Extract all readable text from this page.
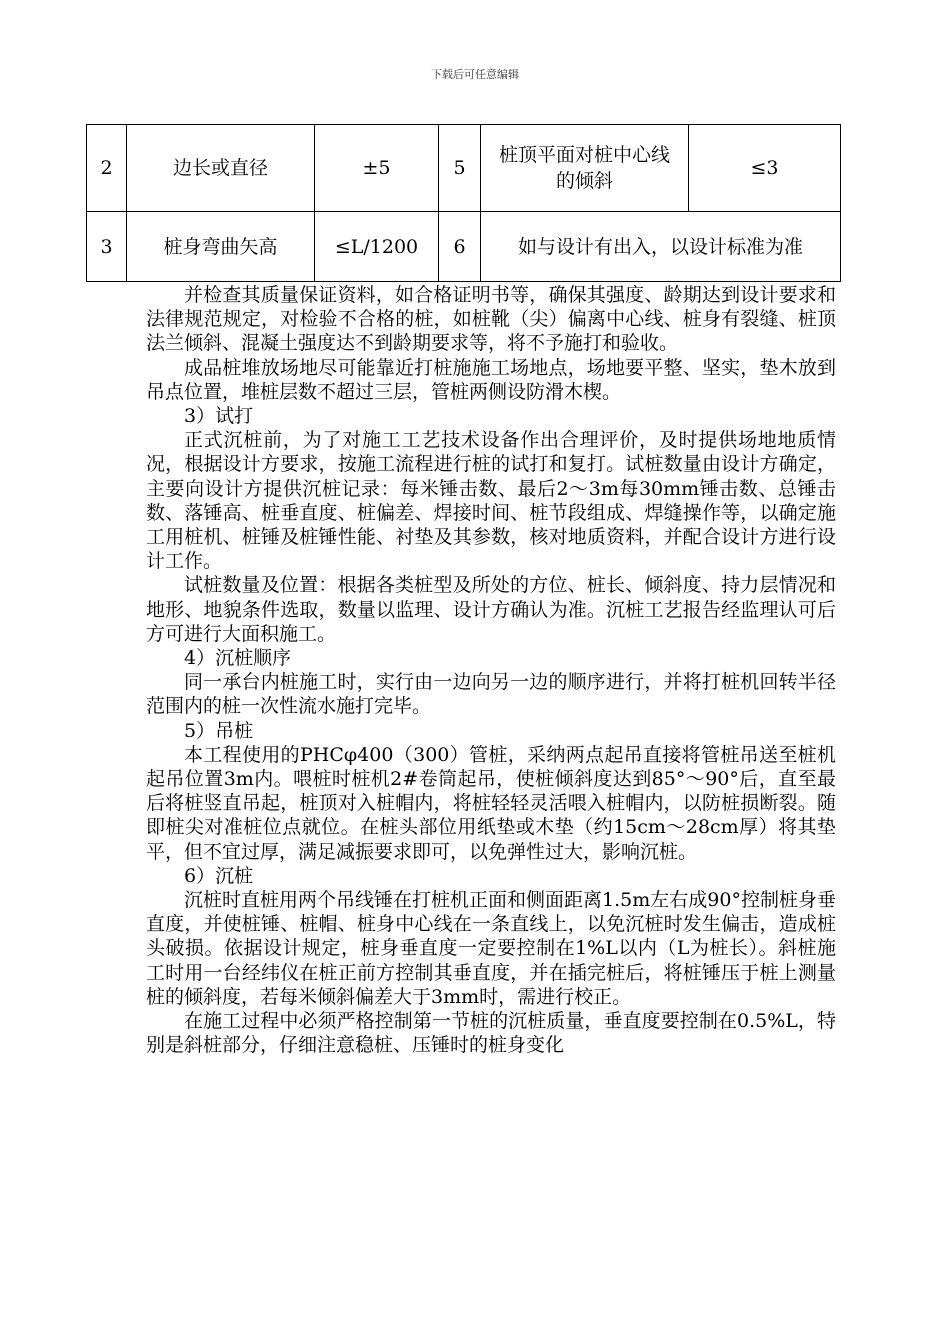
下载后可任意编辑
2	边长或直径	±5	5	桩顶平面对桩中心线的倾斜	≤3
3	桩身弯曲矢高	≤L/1200	6	如与设计有出入，以设计标准为准	

并检查其质量保证资料，如合格证明书等，确保其强度、龄期达到设计要求和法律规范规定，对检验不合格的桩，如桩靴（尖）偏离中心线、桩身有裂缝、桩顶法兰倾斜、混凝土强度达不到龄期要求等，将不予施打和验收。

成品桩堆放场地尽可能靠近打桩施施工场地点，场地要平整、坚实，垫木放到吊点位置，堆桩层数不超过三层，管桩两侧设防滑木楔。

3）试打

正式沉桩前，为了对施工工艺技术设备作出合理评价，及时提供场地地质情况，根据设计方要求，按施工流程进行桩的试打和复打。试桩数量由设计方确定，主要向设计方提供沉桩记录：每米锤击数、最后2～3m每30mm锤击数、总锤击数、落锤高、桩垂直度、桩偏差、焊接时间、桩节段组成、焊缝操作等，以确定施工用桩机、桩锤及桩锤性能、衬垫及其参数，核对地质资料，并配合设计方进行设计工作。

试桩数量及位置：根据各类桩型及所处的方位、桩长、倾斜度、持力层情况和地形、地貌条件选取，数量以监理、设计方确认为准。沉桩工艺报告经监理认可后方可进行大面积施工。

4）沉桩顺序

同一承台内桩施工时，实行由一边向另一边的顺序进行，并将打桩机回转半径范围内的桩一次性流水施打完毕。

5）吊桩

本工程使用的PHCφ400（300）管桩，采纳两点起吊直接将管桩吊送至桩机起吊位置3m内。喂桩时桩机2#卷筒起吊，使桩倾斜度达到85°～90°后，直至最后将桩竖直吊起，桩顶对入桩帽内，将桩轻轻灵活喂入桩帽内，以防桩损断裂。随即桩尖对准桩位点就位。在桩头部位用纸垫或木垫（约15cm～28cm厚）将其垫平，但不宜过厚，满足减振要求即可，以免弹性过大，影响沉桩。

6）沉桩

沉桩时直桩用两个吊线锤在打桩机正面和侧面距离1.5m左右成90°控制桩身垂直度，并使桩锤、桩帽、桩身中心线在一条直线上，以免沉桩时发生偏击，造成桩头破损。依据设计规定，桩身垂直度一定要控制在1%L以内（L为桩长）。斜桩施工时用一台经纬仪在桩正前方控制其垂直度，并在插完桩后，将桩锤压于桩上测量桩的倾斜度，若每米倾斜偏差大于3mm时，需进行校正。

在施工过程中必须严格控制第一节桩的沉桩质量，垂直度要控制在0.5%L，特别是斜桩部分，仔细注意稳桩、压锤时的桩身变化
